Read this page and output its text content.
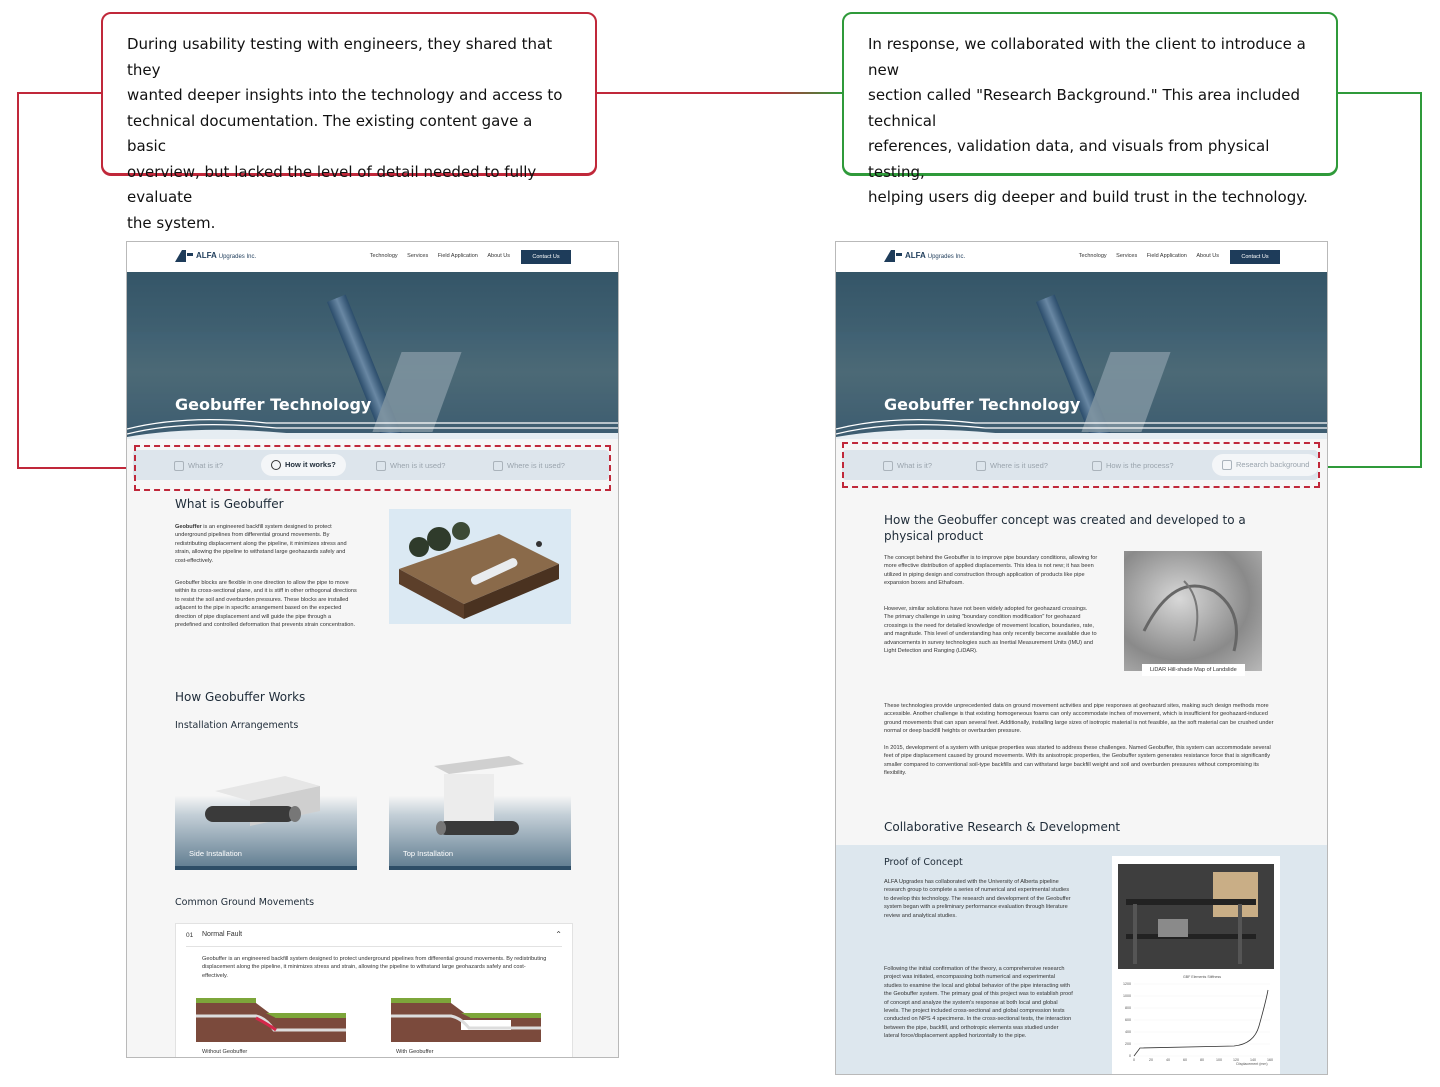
During usability testing with engineers, they shared that they
wanted deeper insights into the technology and access to
technical documentation. The existing content gave a basic
overview, but lacked the level of detail needed to fully evaluate
the system.
In response, we collaborated with the client to introduce a new
section called "Research Background." This area included technical
references, validation data, and visuals from physical testing,
helping users dig deeper and build trust in the technology.
ALFA Upgrades Inc.	Technology Services Field Application About Us	Contact Us
Geobuffer Technology
What is it?	How it works?	When is it used?	Where is it used?
What is Geobuffer
Geobuffer is an engineered backfill system designed to protect underground pipelines from differential ground movements. By redistributing displacement along the pipeline, it minimizes stress and strain, allowing the pipeline to withstand large geohazards safely and cost-effectively.
Geobuffer blocks are flexible in one direction to allow the pipe to move within its cross-sectional plane, and it is stiff in other orthogonal directions to resist the soil and overburden pressures. These blocks are installed adjacent to the pipe in specific arrangement based on the expected direction of pipe displacement and will guide the pipe through a predefined and controlled deformation that prevents strain concentration.
How Geobuffer Works
Installation Arrangements
Side Installation	Top Installation
Common Ground Movements
01 Normal Fault	⌃
Geobuffer is an engineered backfill system designed to protect underground pipelines from differential ground movements. By redistributing displacement along the pipeline, it minimizes stress and strain, allowing the pipeline to withstand large geohazards safely and cost-effectively.
Without Geobuffer	With Geobuffer
ALFA Upgrades Inc.	Technology Services Field Application About Us	Contact Us
Geobuffer Technology
What is it?	Where is it used?	How is the process?	Research background
How the Geobuffer concept was created and developed to a physical product
The concept behind the Geobuffer is to improve pipe boundary conditions, allowing for more effective distribution of applied displacements. This idea is not new; it has been utilized in piping design and construction through application of products like pipe expansion boxes and Ethafoam.
However, similar solutions have not been widely adopted for geohazard crossings. The primary challenge in using "boundary condition modification" for geohazard crossings is the need for detailed knowledge of movement location, boundaries, rate, and magnitude. This level of understanding has only recently become available due to advancements in survey technologies such as Inertial Measurement Units (IMU) and Light Detection and Ranging (LiDAR).
LiDAR Hill-shade Map of Landslide
These technologies provide unprecedented data on ground movement activities and pipe responses at geohazard sites, making such design methods more accessible. Another challenge is that existing homogeneous foams can only accommodate inches of movement, which is insufficient for geohazard-induced ground movements that can span several feet. Additionally, installing large sizes of isotropic material is not feasible, as the soft material can be crushed under normal or deep backfill heights or overburden pressure.
In 2015, development of a system with unique properties was started to address these challenges. Named Geobuffer, this system can accommodate several feet of pipe displacement caused by ground movements. With its anisotropic properties, the Geobuffer system generates resistance force that is significantly smaller compared to conventional soil-type backfills and can withstand large backfill weight and soil and overburden pressures without compromising its flexibility.
Collaborative Research & Development
Proof of Concept
ALFA Upgrades has collaborated with the University of Alberta pipeline research group to complete a series of numerical and experimental studies to develop this technology. The research and development of the Geobuffer system began with a preliminary performance evaluation through literature review and analytical studies.
Following the initial confirmation of the theory, a comprehensive research project was initiated, encompassing both numerical and experimental studies to examine the local and global behavior of the pipe interacting with the Geobuffer system. The primary goal of this project was to establish proof of concept and analyze the system's response at both local and global levels. The project included cross-sectional and global compression tests conducted on NPS 4 specimens. In the cross-sectional tests, the interaction between the pipe, backfill, and orthotropic elements was studied under lateral force/displacement applied horizontally to the pipe.
GBF Elements Stiffness
1200
1000
800
600
400
200
0
0	20	40	60	80	100	120	140	160
Displacement (mm)
